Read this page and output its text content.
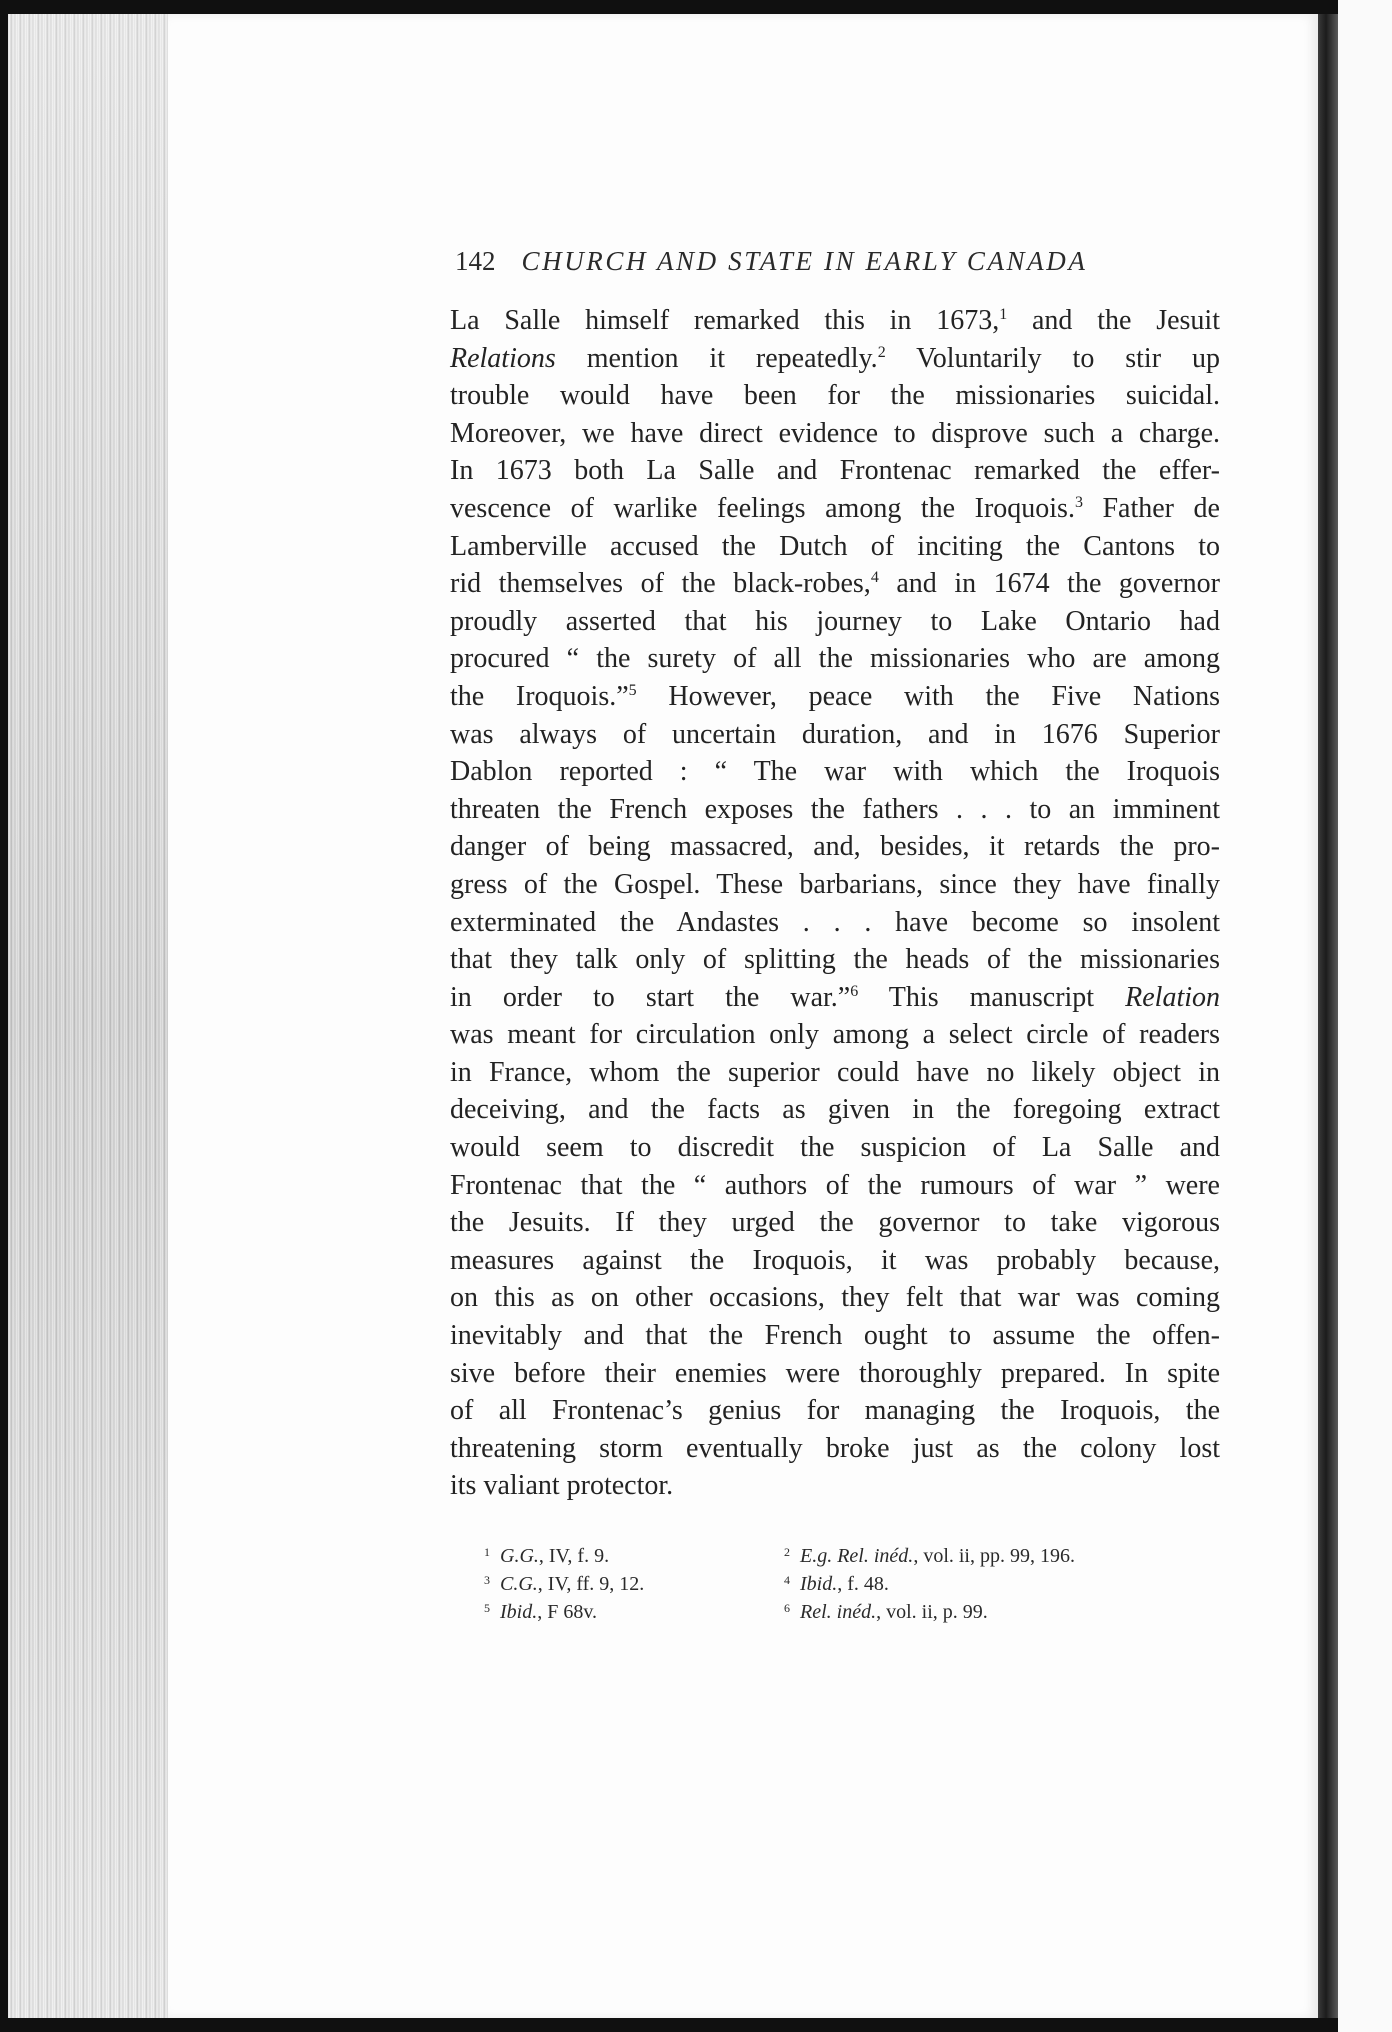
142 CHURCH AND STATE IN EARLY CANADA
La Salle himself remarked this in 1673,$^1$ and the Jesuit
Relations mention it repeatedly.$^2$ Voluntarily to stir up
trouble would have been for the missionaries suicidal.
Moreover, we have direct evidence to disprove such a charge.
In 1673 both La Salle and Frontenac remarked the effer-
vescence of warlike feelings among the Iroquois.$^3$ Father de
Lamberville accused the Dutch of inciting the Cantons to
rid themselves of the black-robes,$^4$ and in 1674 the governor
proudly asserted that his journey to Lake Ontario had
procured “ the surety of all the missionaries who are among
the Iroquois.”$^5$ However, peace with the Five Nations
was always of uncertain duration, and in 1676 Superior
Dablon reported : “ The war with which the Iroquois
threaten the French exposes the fathers . . . to an imminent
danger of being massacred, and, besides, it retards the pro-
gress of the Gospel. These barbarians, since they have finally
exterminated the Andastes . . . have become so insolent
that they talk only of splitting the heads of the missionaries
in order to start the war.”$^6$ This manuscript Relation
was meant for circulation only among a select circle of readers
in France, whom the superior could have no likely object in
deceiving, and the facts as given in the foregoing extract
would seem to discredit the suspicion of La Salle and
Frontenac that the “ authors of the rumours of war ” were
the Jesuits. If they urged the governor to take vigorous
measures against the Iroquois, it was probably because,
on this as on other occasions, they felt that war was coming
inevitably and that the French ought to assume the offen-
sive before their enemies were thoroughly prepared. In spite
of all Frontenac’s genius for managing the Iroquois, the
threatening storm eventually broke just as the colony lost
its valiant protector.
$^1$ G.G., IV, f. 9.	$^2$ E.g. Rel. inéd., vol. ii, pp. 99, 196.
$^3$ C.G., IV, ff. 9, 12.	$^4$ Ibid., f. 48.
$^5$ Ibid., F 68v.	$^6$ Rel. inéd., vol. ii, p. 99.
